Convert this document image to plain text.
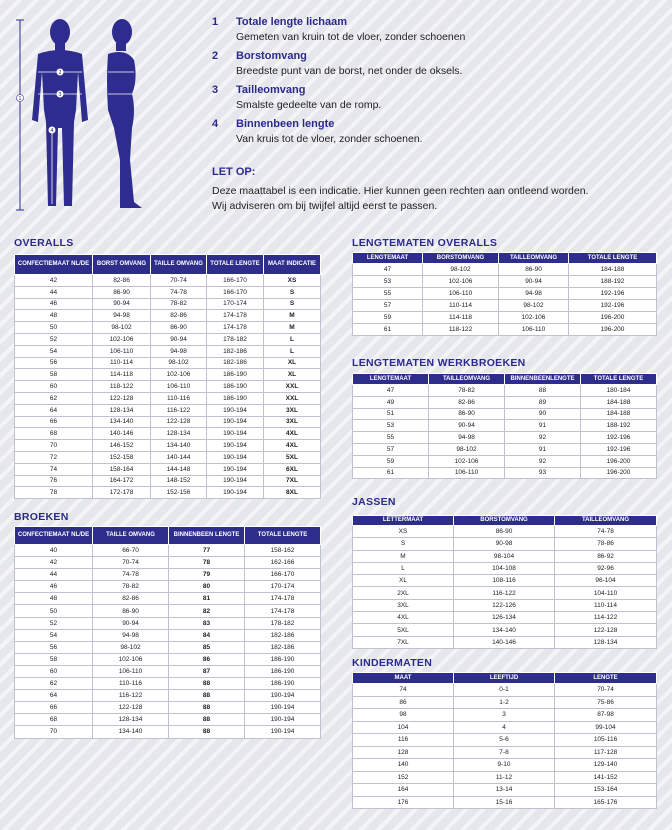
1
2
3
4
1	Totale lengte lichaam
Gemeten van kruin tot de vloer, zonder schoenen
2	Borstomvang
Breedste punt van de borst, net onder de oksels.
3	Tailleomvang
Smalste gedeelte van de romp.
4	Binnenbeen lengte
Van kruis tot de vloer, zonder schoenen.
LET OP:
Deze maattabel is een indicatie. Hier kunnen geen rechten aan ontleend worden.
Wij adviseren om bij twijfel altijd eerst te passen.
OVERALLS
BROEKEN
LENGTEMATEN OVERALLS
LENGTEMATEN WERKBROEKEN
JASSEN
KINDERMATEN
CONFECTIEMAAT NL/DE	BORST OMVANG	TAILLE OMVANG	TOTALE LENGTE	MAAT INDICATIE
42	82-86	70-74	166-170	XS
44	86-90	74-78	166-170	S
46	90-94	78-82	170-174	S
48	94-98	82-86	174-178	M
50	98-102	86-90	174-178	M
52	102-106	90-94	178-182	L
54	106-110	94-98	182-186	L
56	110-114	98-102	182-186	XL
58	114-118	102-106	186-190	XL
60	118-122	106-110	186-190	XXL
62	122-128	110-116	186-190	XXL
64	128-134	116-122	190-194	3XL
66	134-140	122-128	190-194	3XL
68	140-146	128-134	190-194	4XL
70	146-152	134-140	190-194	4XL
72	152-158	140-144	190-194	5XL
74	158-164	144-148	190-194	6XL
76	164-172	148-152	190-194	7XL
78	172-178	152-156	190-194	8XL
CONFECTIEMAAT NL/DE	TAILLE OMVANG	BINNENBEEN LENGTE	TOTALE LENGTE
40	66-70	77	158-162
42	70-74	78	162-166
44	74-78	79	166-170
46	78-82	80	170-174
48	82-86	81	174-178
50	86-90	82	174-178
52	90-94	83	178-182
54	94-98	84	182-186
56	98-102	85	182-186
58	102-106	86	186-190
60	106-110	87	186-190
62	110-116	88	186-190
64	116-122	88	190-194
66	122-128	88	190-194
68	128-134	88	190-194
70	134-140	88	190-194
LENGTEMAAT	BORSTOMVANG	TAILLEOMVANG	TOTALE LENGTE
47	98-102	86-90	184-188
53	102-106	90-94	188-192
55	106-110	94-98	192-196
57	110-114	98-102	192-196
59	114-118	102-106	196-200
61	118-122	106-110	196-200
LENGTEMAAT	TAILLEOMVANG	BINNENBEENLENGTE	TOTALE LENGTE
47	78-82	88	180-184
49	82-86	89	184-188
51	86-90	90	184-188
53	90-94	91	188-192
55	94-98	92	192-196
57	98-102	91	192-196
59	102-106	92	196-200
61	106-110	93	196-200
LETTERMAAT	BORSTOMVANG	TAILLEOMVANG
XS	86-90	74-78
S	90-98	78-86
M	98-104	86-92
L	104-108	92-96
XL	108-116	96-104
2XL	116-122	104-110
3XL	122-126	110-114
4XL	126-134	114-122
5XL	134-140	122-128
7XL	140-146	128-134
MAAT	LEEFTIJD	LENGTE
74	0-1	70-74
86	1-2	75-86
98	3	87-98
104	4	99-104
116	5-6	105-116
128	7-8	117-128
140	9-10	129-140
152	11-12	141-152
164	13-14	153-164
176	15-16	165-176
